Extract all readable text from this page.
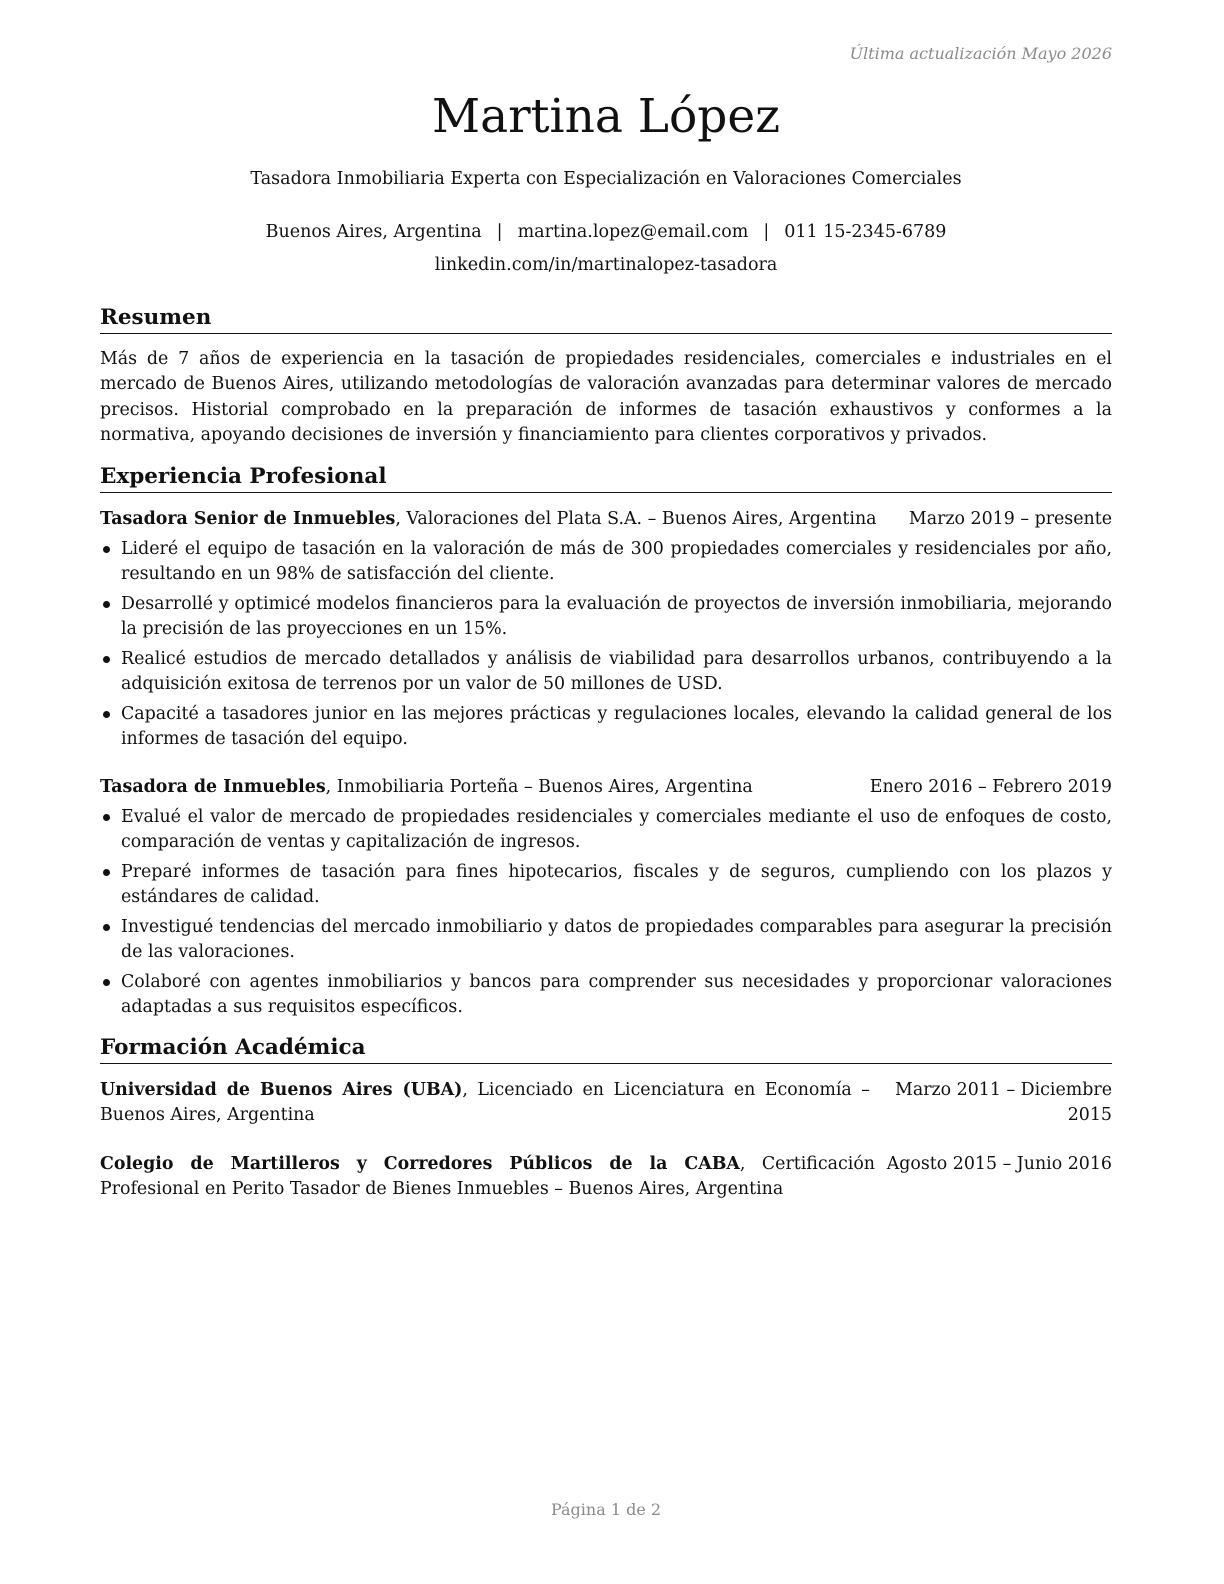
Última actualización Mayo 2026
Martina López
Tasadora Inmobiliaria Experta con Especialización en Valoraciones Comerciales
Buenos Aires, Argentina | martina.lopez@email.com | 011 15-2345-6789
linkedin.com/in/martinalopez-tasadora
Resumen
Más de 7 años de experiencia en la tasación de propiedades residenciales, comerciales e industriales en el mercado de Buenos Aires, utilizando metodologías de valoración avanzadas para determinar valores de mercado precisos. Historial comprobado en la preparación de informes de tasación exhaustivos y conformes a la normativa, apoyando decisiones de inversión y financiamiento para clientes corporativos y privados.
Experiencia Profesional
Tasadora Senior de Inmuebles, Valoraciones del Plata S.A. – Buenos Aires, Argentina Marzo 2019 – presente
Lideré el equipo de tasación en la valoración de más de 300 propiedades comerciales y residenciales por año, resultando en un 98% de satisfacción del cliente.
Desarrollé y optimicé modelos financieros para la evaluación de proyectos de inversión inmobiliaria, mejorando la precisión de las proyecciones en un 15%.
Realicé estudios de mercado detallados y análisis de viabilidad para desarrollos urbanos, contribuyendo a la adquisición exitosa de terrenos por un valor de 50 millones de USD.
Capacité a tasadores junior en las mejores prácticas y regulaciones locales, elevando la calidad general de los informes de tasación del equipo.
Tasadora de Inmuebles, Inmobiliaria Porteña – Buenos Aires, Argentina	Enero 2016 – Febrero 2019
Evalué el valor de mercado de propiedades residenciales y comerciales mediante el uso de enfoques de costo, comparación de ventas y capitalización de ingresos.
Preparé informes de tasación para fines hipotecarios, fiscales y de seguros, cumpliendo con los plazos y estándares de calidad.
Investigué tendencias del mercado inmobiliario y datos de propiedades comparables para asegurar la precisión de las valoraciones.
Colaboré con agentes inmobiliarios y bancos para comprender sus necesidades y proporcionar valoraciones adaptadas a sus requisitos específicos.
Formación Académica
Universidad de Buenos Aires (UBA), Licenciado en Licenciatura en Economía – Buenos Aires, Argentina
Marzo 2011 – Diciembre 2015
Colegio de Martilleros y Corredores Públicos de la CABA, Certificación Profesional en Perito Tasador de Bienes Inmuebles – Buenos Aires, Argentina
Agosto 2015 – Junio 2016
Página 1 de 2
